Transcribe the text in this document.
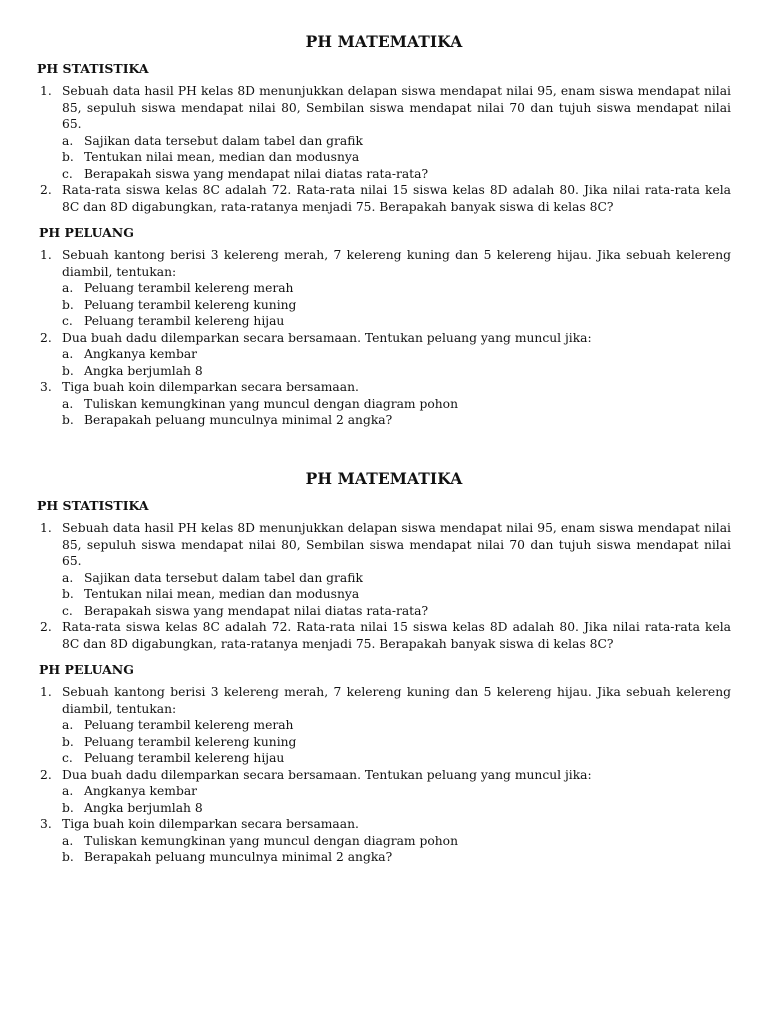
PH MATEMATIKA
PH STATISTIKA
1. Sebuah data hasil PH kelas 8D menunjukkan delapan siswa mendapat nilai 95, enam siswa mendapat nilai 85, sepuluh siswa mendapat nilai 80, Sembilan siswa mendapat nilai 70 dan tujuh siswa mendapat nilai 65.
a. Sajikan data tersebut dalam tabel dan grafik
b. Tentukan nilai mean, median dan modusnya
c. Berapakah siswa yang mendapat nilai diatas rata-rata?
2. Rata-rata siswa kelas 8C adalah 72. Rata-rata nilai 15 siswa kelas 8D adalah 80. Jika nilai rata-rata kela 8C dan 8D digabungkan, rata-ratanya menjadi 75. Berapakah banyak siswa di kelas 8C?
PH PELUANG
1. Sebuah kantong berisi 3 kelereng merah, 7 kelereng kuning dan 5 kelereng hijau. Jika sebuah kelereng diambil, tentukan:
a. Peluang terambil kelereng merah
b. Peluang terambil kelereng kuning
c. Peluang terambil kelereng hijau
2. Dua buah dadu dilemparkan secara bersamaan. Tentukan peluang yang muncul jika:
a. Angkanya kembar
b. Angka berjumlah 8
3. Tiga buah koin dilemparkan secara bersamaan.
a. Tuliskan kemungkinan yang muncul dengan diagram pohon
b. Berapakah peluang munculnya minimal 2 angka?
PH MATEMATIKA
PH STATISTIKA
1. Sebuah data hasil PH kelas 8D menunjukkan delapan siswa mendapat nilai 95, enam siswa mendapat nilai 85, sepuluh siswa mendapat nilai 80, Sembilan siswa mendapat nilai 70 dan tujuh siswa mendapat nilai 65.
a. Sajikan data tersebut dalam tabel dan grafik
b. Tentukan nilai mean, median dan modusnya
c. Berapakah siswa yang mendapat nilai diatas rata-rata?
2. Rata-rata siswa kelas 8C adalah 72. Rata-rata nilai 15 siswa kelas 8D adalah 80. Jika nilai rata-rata kela 8C dan 8D digabungkan, rata-ratanya menjadi 75. Berapakah banyak siswa di kelas 8C?
PH PELUANG
1. Sebuah kantong berisi 3 kelereng merah, 7 kelereng kuning dan 5 kelereng hijau. Jika sebuah kelereng diambil, tentukan:
a. Peluang terambil kelereng merah
b. Peluang terambil kelereng kuning
c. Peluang terambil kelereng hijau
2. Dua buah dadu dilemparkan secara bersamaan. Tentukan peluang yang muncul jika:
a. Angkanya kembar
b. Angka berjumlah 8
3. Tiga buah koin dilemparkan secara bersamaan.
a. Tuliskan kemungkinan yang muncul dengan diagram pohon
b. Berapakah peluang munculnya minimal 2 angka?
